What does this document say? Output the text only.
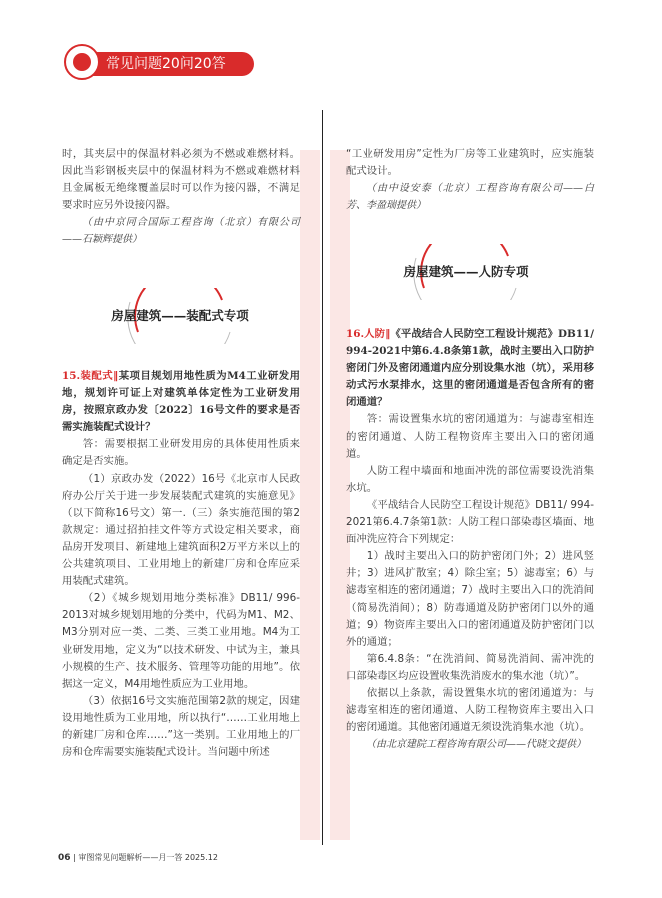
常见问题20问20答

时，其夹层中的保温材料必须为不燃或难燃材料。因此当彩钢板夹层中的保温材料为不燃或难燃材料且金属板无绝缘覆盖层时可以作为接闪器，不满足要求时应另外设接闪器。

（由中京同合国际工程咨询（北京）有限公司——石颖辉提供）

房屋建筑——装配式专项

15.装配式‖某项目规划用地性质为M4工业研发用地，规划许可证上对建筑单体定性为工业研发用房，按照京政办发〔2022〕16号文件的要求是否需实施装配式设计？

答：需要根据工业研发用房的具体使用性质来确定是否实施。

（1）京政办发（2022）16号《北京市人民政府办公厅关于进一步发展装配式建筑的实施意见》（以下简称16号文）第一.（三）条实施范围的第2款规定：通过招拍挂文件等方式设定相关要求，商品房开发项目、新建地上建筑面积2万平方米以上的公共建筑项目、工业用地上的新建厂房和仓库应采用装配式建筑。

（2）《城乡规划用地分类标准》DB11/ 996-2013对城乡规划用地的分类中，代码为M1、M2、M3分别对应一类、二类、三类工业用地。M4为工业研发用地，定义为“以技术研发、中试为主，兼具小规模的生产、技术服务、管理等功能的用地”。依据这一定义，M4用地性质应为工业用地。

（3）依据16号文实施范围第2款的规定，因建设用地性质为工业用地，所以执行“……工业用地上的新建厂房和仓库……”这一类别。工业用地上的厂房和仓库需要实施装配式设计。当问题中所述

“工业研发用房”定性为厂房等工业建筑时，应实施装配式设计。

（由中设安泰（北京）工程咨询有限公司——白芳、李盈瑞提供）

房屋建筑——人防专项

16.人防‖《平战结合人民防空工程设计规范》DB11/ 994-2021中第6.4.8条第1款，战时主要出入口防护密闭门外及密闭通道内应分别设集水池（坑），采用移动式污水泵排水，这里的密闭通道是否包含所有的密闭通道？

答：需设置集水坑的密闭通道为：与滤毒室相连的密闭通道、人防工程物资库主要出入口的密闭通道。

人防工程中墙面和地面冲洗的部位需要设洗消集水坑。

《平战结合人民防空工程设计规范》DB11/ 994-2021第6.4.7条第1款：人防工程口部染毒区墙面、地面冲洗应符合下列规定：

1）战时主要出入口的防护密闭门外；2）进风竖井；3）进风扩散室；4）除尘室；5）滤毒室；6）与滤毒室相连的密闭通道；7）战时主要出入口的洗消间（简易洗消间）；8）防毒通道及防护密闭门以外的通道；9）物资库主要出入口的密闭通道及防护密闭门以外的通道；

第6.4.8条：“在洗消间、简易洗消间、需冲洗的口部染毒区均应设置收集洗消废水的集水池（坑）”。

依据以上条款，需设置集水坑的密闭通道为：与滤毒室相连的密闭通道、人防工程物资库主要出入口的密闭通道。其他密闭通道无须设洗消集水池（坑）。

（由北京建院工程咨询有限公司——代晓文提供）

06 | 审图常见问题解析——月一答 2025.12
